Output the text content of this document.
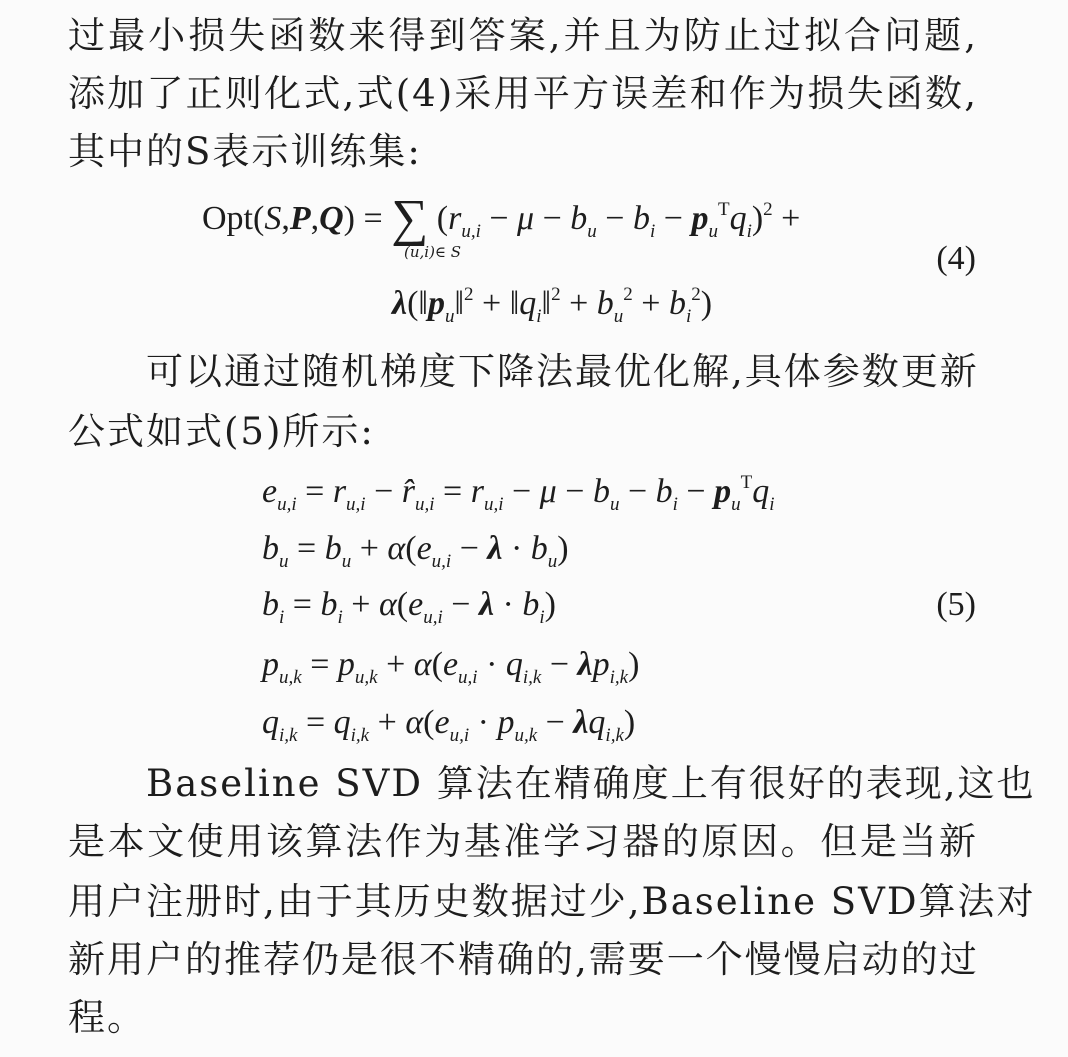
过最小损失函数来得到答案,并且为防止过拟合问题,
添加了正则化式,式(4)采用平方误差和作为损失函数,
其中的S表示训练集:
Opt(S,P,Q) = ∑ $(r_{u,i} - \mu - b_u - b_i - p_u^Tq_i)^2$ +
(u,i)∈ S	(4)
$\lambda(‖p_u‖^2$ + $‖q_i‖^2 + b_u^2 + b_i^2$)
可以通过随机梯度下降法最优化解,具体参数更新
公式如式(5)所示:
$e_{u,i} = r_{u,i}$ − $r̂_{u,i} = r_{u,i} - \mu - b_u - b_i - p_u^Tq_i$
$b_u = b_u + \alpha(e_{u,i} - \lambda \cdot b_u)$
$b_i = b_i + \alpha(e_{u,i} - \lambda \cdot b_i)$	(5)
$p_{u,k} = p_{u,k} + \alpha(e_{u,i} \cdot q_{i,k} - \lambda p_{i,k})$
$q_{i,k} = q_{i,k} + \alpha(e_{u,i} \cdot p_{u,k} - \lambda q_{i,k})$
Baseline SVD 算法在精确度上有很好的表现,这也
是本文使用该算法作为基准学习器的原因。但是当新
用户注册时,由于其历史数据过少,Baseline SVD算法对
新用户的推荐仍是很不精确的,需要一个慢慢启动的过
程。
